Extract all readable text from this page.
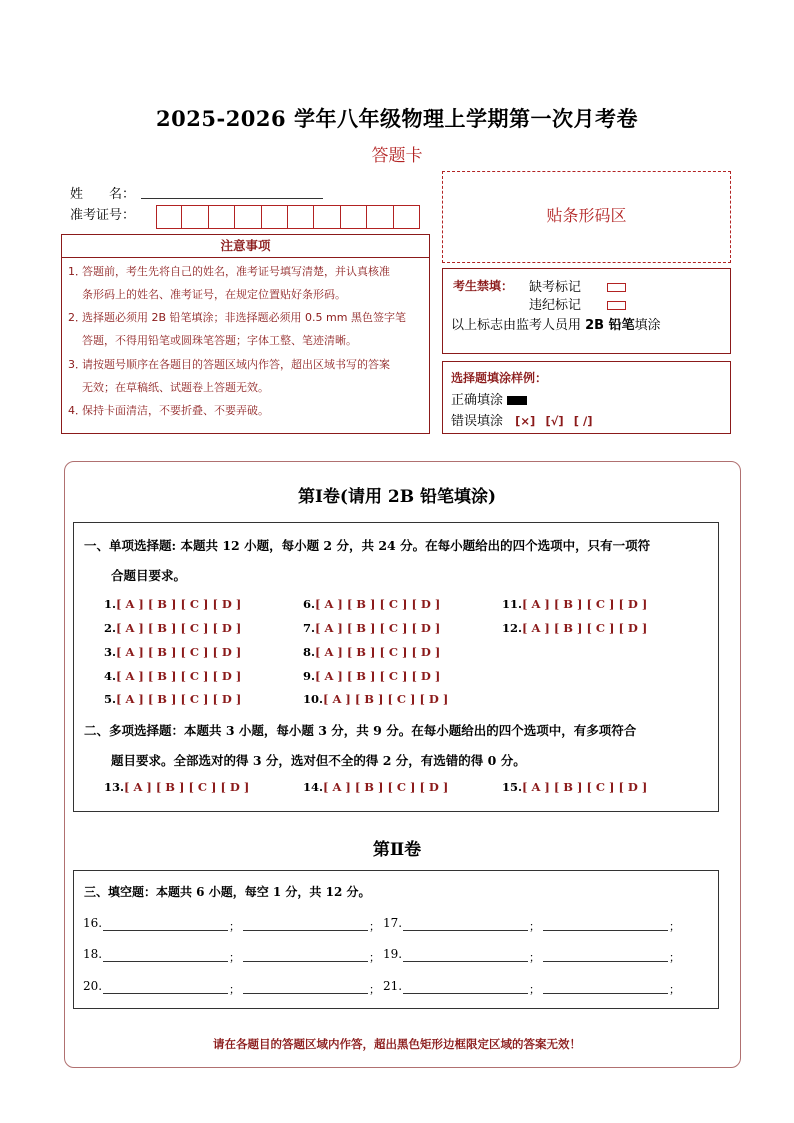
2025-2026 学年八年级物理上学期第一次月考卷
答题卡
姓　　名：
准考证号：
注意事项
1．答题前，考生先将自己的姓名，准考证号填写清楚，并认真核准
条形码上的姓名、准考证号，在规定位置贴好条形码。
2．选择题必须用 2B 铅笔填涂；非选择题必须用 0.5 mm 黑色签字笔
答题，不得用铅笔或圆珠笔答题；字体工整、笔迹清晰。
3．请按题号顺序在各题目的答题区域内作答，超出区域书写的答案
无效；在草稿纸、试题卷上答题无效。
4．保持卡面清洁，不要折叠、不要弄破。
贴条形码区
考生禁填： 缺考标记
违纪标记
以上标志由监考人员用 2B 铅笔填涂
选择题填涂样例：
正确填涂
错误填涂 [×] [√] [ /]
第Ⅰ卷(请用 2B 铅笔填涂)
一、单项选择题: 本题共 12 小题，每小题 2 分，共 24 分。在每小题给出的四个选项中，只有一项符
合题目要求。
1.[ A ] [ B ] [ C ] [ D ]
2.[ A ] [ B ] [ C ] [ D ]
3.[ A ] [ B ] [ C ] [ D ]
4.[ A ] [ B ] [ C ] [ D ]
5.[ A ] [ B ] [ C ] [ D ]
6.[ A ] [ B ] [ C ] [ D ]
7.[ A ] [ B ] [ C ] [ D ]
8.[ A ] [ B ] [ C ] [ D ]
9.[ A ] [ B ] [ C ] [ D ]
10.[ A ] [ B ] [ C ] [ D ]
11.[ A ] [ B ] [ C ] [ D ]
12.[ A ] [ B ] [ C ] [ D ]
二、多项选择题：本题共 3 小题，每小题 3 分，共 9 分。在每小题给出的四个选项中，有多项符合
题目要求。全部选对的得 3 分，选对但不全的得 2 分，有选错的得 0 分。
13.[ A ] [ B ] [ C ] [ D ]	14.[ A ] [ B ] [ C ] [ D ]	15.[ A ] [ B ] [ C ] [ D ]
第Ⅱ卷
三、填空题：本题共 6 小题，每空 1 分，共 12 分。
16.	；	； 17.	；	；
18.	；	； 19.	；	；
20.	；	； 21.	；	；
请在各题目的答题区域内作答，超出黑色矩形边框限定区域的答案无效！
